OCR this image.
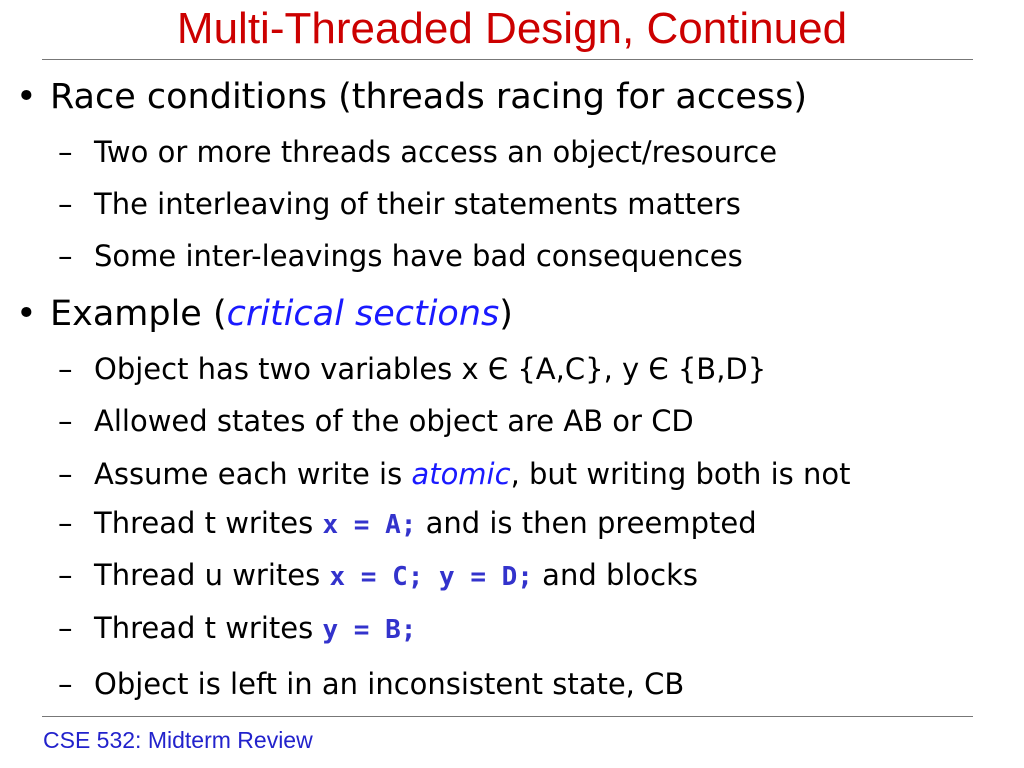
Multi-Threaded Design, Continued
• Race conditions (threads racing for access)
– Two or more threads access an object/resource
– The interleaving of their statements matters
– Some inter-leavings have bad consequences
• Example (critical sections)
– Object has two variables x Є {A,C}, y Є {B,D}
– Allowed states of the object are AB or CD
– Assume each write is atomic, but writing both is not
– Thread t writes x = A; and is then preempted
– Thread u writes x = C; y = D; and blocks
– Thread t writes y = B;
– Object is left in an inconsistent state, CB
CSE 532: Midterm Review
